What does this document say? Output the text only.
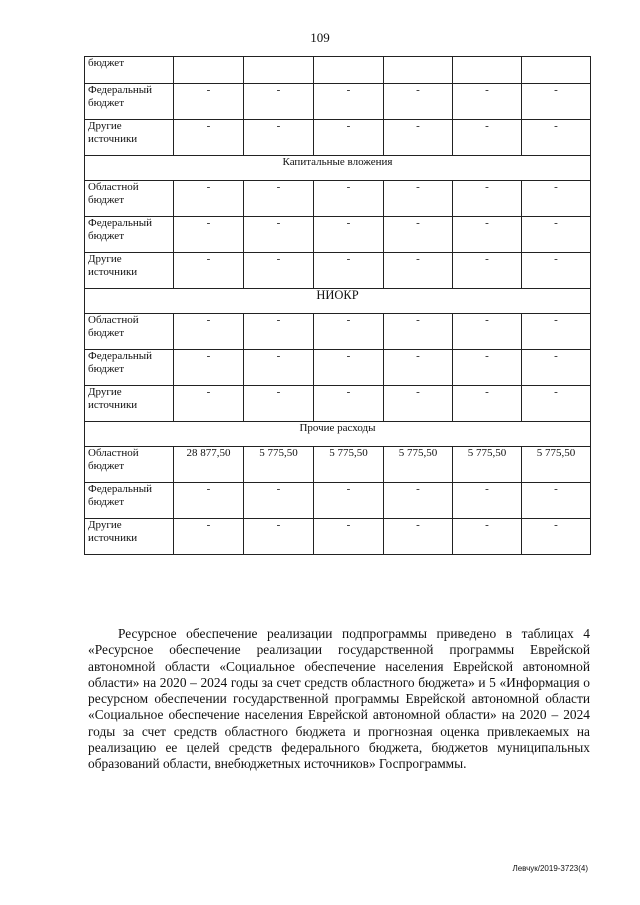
109
бюджет						
Федеральный бюджет	-	-	-	-	-	-
Другие источники	-	-	-	-	-	-
Капитальные вложения						
Областной бюджет	-	-	-	-	-	-
Федеральный бюджет	-	-	-	-	-	-
Другие источники	-	-	-	-	-	-
НИОКР						
Областной бюджет	-	-	-	-	-	-
Федеральный бюджет	-	-	-	-	-	-
Другие источники	-	-	-	-	-	-
Прочие расходы						
Областной бюджет	28 877,50	5 775,50	5 775,50	5 775,50	5 775,50	5 775,50
Федеральный бюджет	-	-	-	-	-	-
Другие источники	-	-	-	-	-	-
Ресурсное обеспечение реализации подпрограммы приведено в таблицах 4 «Ресурсное обеспечение реализации государственной программы Еврейской автономной области «Социальное обеспечение населения Еврейской автономной области» на 2020 – 2024 годы за счет средств областного бюджета» и 5 «Информация о ресурсном обеспечении государственной программы Еврейской автономной области «Социальное обеспечение населения Еврейской автономной области» на 2020 – 2024 годы за счет средств областного бюджета и прогнозная оценка привлекаемых на реализацию ее целей средств федерального бюджета, бюджетов муниципальных образований области, внебюджетных источников» Госпрограммы.
Левчук/2019-3723(4)
